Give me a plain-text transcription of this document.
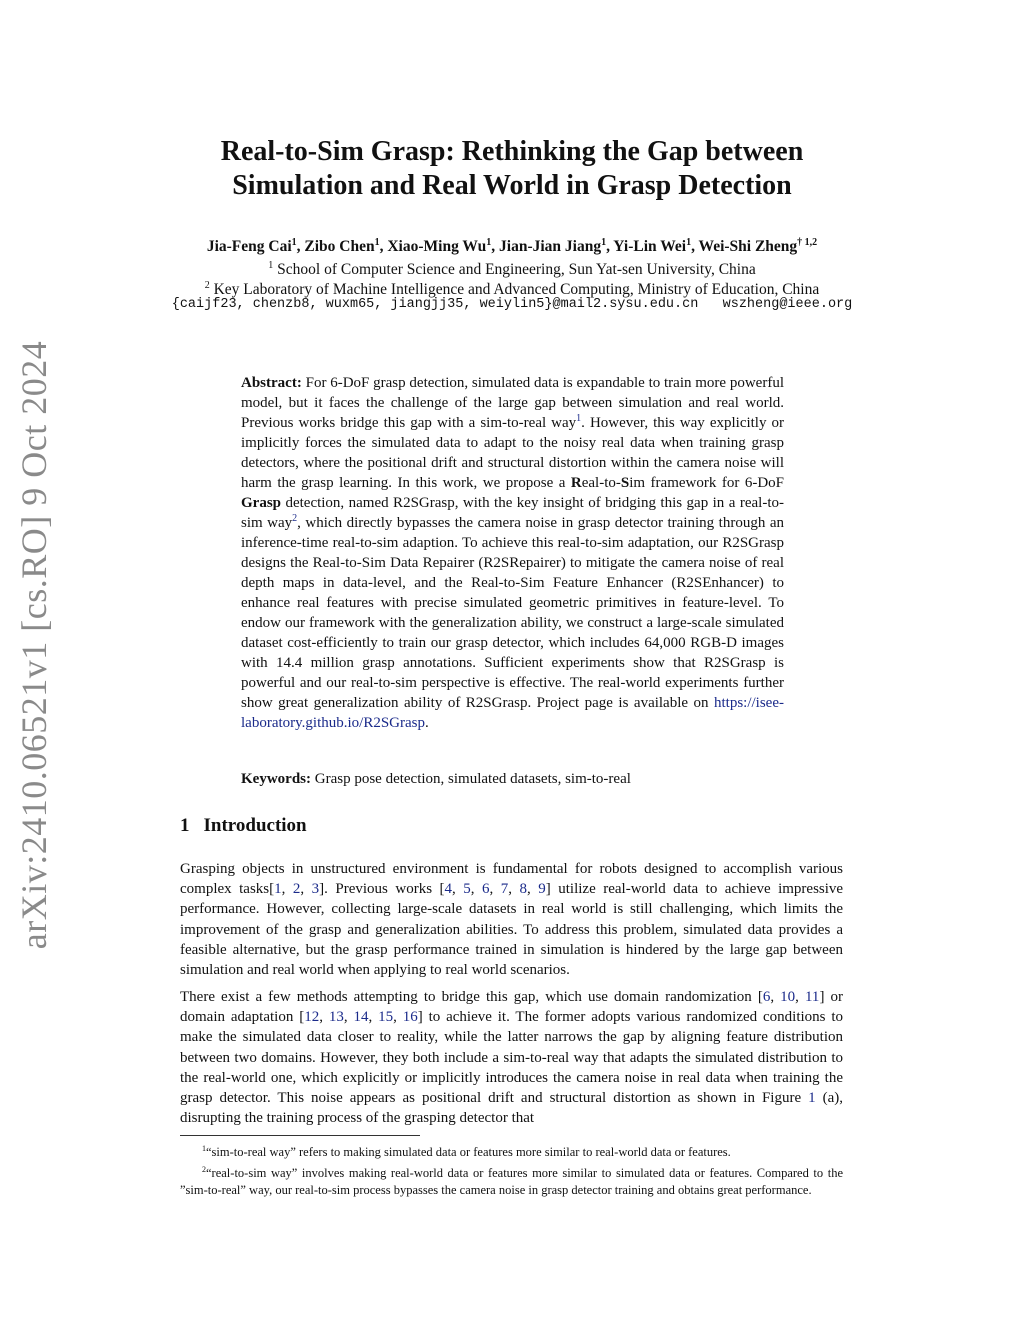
arXiv:2410.06521v1 [cs.RO] 9 Oct 2024
Real-to-Sim Grasp: Rethinking the Gap between
Simulation and Real World in Grasp Detection
Jia-Feng Cai$^1$, Zibo Chen$^1$, Xiao-Ming Wu$^1$, Jian-Jian Jiang$^1$, Yi-Lin Wei$^1$, Wei-Shi Zheng$^{\dagger 1,2}$
$^1$ School of Computer Science and Engineering, Sun Yat-sen University, China
$^2$ Key Laboratory of Machine Intelligence and Advanced Computing, Ministry of Education, China
{caijf23, chenzb8, wuxm65, jiangjj35, weiylin5}@mail2.sysu.edu.cn   wszheng@ieee.org
Abstract: For 6-DoF grasp detection, simulated data is expandable to train more powerful model, but it faces the challenge of the large gap between simulation and real world. Previous works bridge this gap with a sim-to-real way$^1$. However, this way explicitly or implicitly forces the simulated data to adapt to the noisy real data when training grasp detectors, where the positional drift and structural distortion within the camera noise will harm the grasp learning. In this work, we propose a Real-to-Sim framework for 6-DoF Grasp detection, named R2SGrasp, with the key insight of bridging this gap in a real-to-sim way$^2$, which directly bypasses the camera noise in grasp detector training through an inference-time real-to-sim adaption. To achieve this real-to-sim adaptation, our R2SGrasp designs the Real-to-Sim Data Repairer (R2SRepairer) to mitigate the camera noise of real depth maps in data-level, and the Real-to-Sim Feature Enhancer (R2SEnhancer) to enhance real features with precise simulated geometric primitives in feature-level. To endow our framework with the generalization ability, we construct a large-scale simulated dataset cost-efficiently to train our grasp detector, which includes 64,000 RGB-D images with 14.4 million grasp annotations. Sufficient experiments show that R2SGrasp is powerful and our real-to-sim perspective is effective. The real-world experiments further show great generalization ability of R2SGrasp. Project page is available on https://isee-laboratory.github.io/R2SGrasp.
Keywords: Grasp pose detection, simulated datasets, sim-to-real
1 Introduction
Grasping objects in unstructured environment is fundamental for robots designed to accomplish various complex tasks[1, 2, 3]. Previous works [4, 5, 6, 7, 8, 9] utilize real-world data to achieve impressive performance. However, collecting large-scale datasets in real world is still challenging, which limits the improvement of the grasp and generalization abilities. To address this problem, simulated data provides a feasible alternative, but the grasp performance trained in simulation is hindered by the large gap between simulation and real world when applying to real world scenarios.
There exist a few methods attempting to bridge this gap, which use domain randomization [6, 10, 11] or domain adaptation [12, 13, 14, 15, 16] to achieve it. The former adopts various randomized conditions to make the simulated data closer to reality, while the latter narrows the gap by aligning feature distribution between two domains. However, they both include a sim-to-real way that adapts the simulated distribution to the real-world one, which explicitly or implicitly introduces the camera noise in real data when training the grasp detector. This noise appears as positional drift and structural distortion as shown in Figure 1 (a), disrupting the training process of the grasping detector that

$^1$“sim-to-real way” refers to making simulated data or features more similar to real-world data or features.

$^2$“real-to-sim way” involves making real-world data or features more similar to simulated data or features. Compared to the ”sim-to-real” way, our real-to-sim process bypasses the camera noise in grasp detector training and obtains great performance.
